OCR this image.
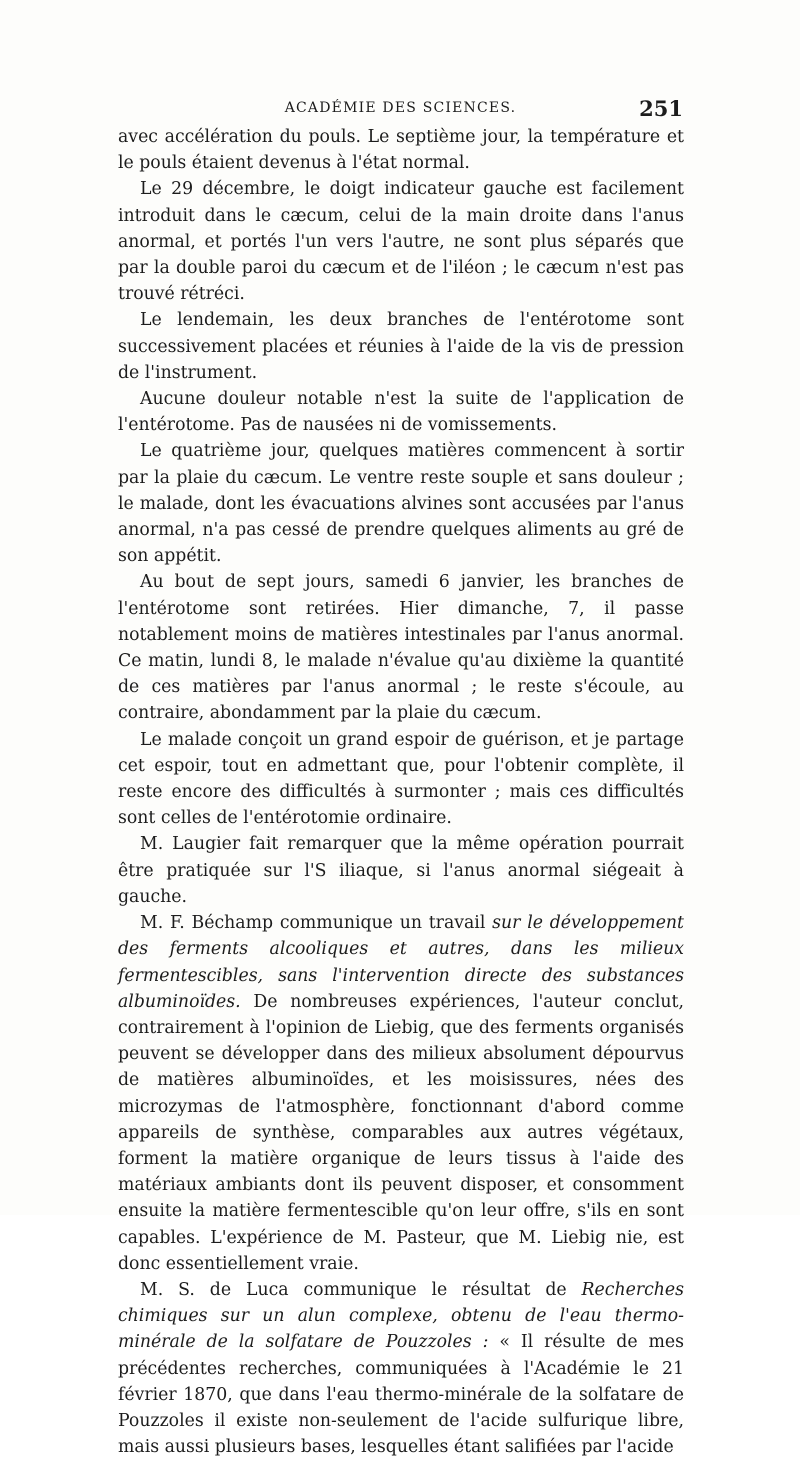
ACADÉMIE DES SCIENCES.	251

avec accélération du pouls. Le septième jour, la température et le pouls étaient devenus à l'état normal.

Le 29 décembre, le doigt indicateur gauche est facilement introduit dans le cæcum, celui de la main droite dans l'anus anormal, et portés l'un vers l'autre, ne sont plus séparés que par la double paroi du cæcum et de l'iléon ; le cæcum n'est pas trouvé rétréci.

Le lendemain, les deux branches de l'entérotome sont successivement placées et réunies à l'aide de la vis de pression de l'instrument.

Aucune douleur notable n'est la suite de l'application de l'entérotome. Pas de nausées ni de vomissements.

Le quatrième jour, quelques matières commencent à sortir par la plaie du cæcum. Le ventre reste souple et sans douleur ; le malade, dont les évacuations alvines sont accusées par l'anus anormal, n'a pas cessé de prendre quelques aliments au gré de son appétit.

Au bout de sept jours, samedi 6 janvier, les branches de l'entérotome sont retirées. Hier dimanche, 7, il passe notablement moins de matières intestinales par l'anus anormal. Ce matin, lundi 8, le malade n'évalue qu'au dixième la quantité de ces matières par l'anus anormal ; le reste s'écoule, au contraire, abondamment par la plaie du cæcum.

Le malade conçoit un grand espoir de guérison, et je partage cet espoir, tout en admettant que, pour l'obtenir complète, il reste encore des difficultés à surmonter ; mais ces difficultés sont celles de l'entérotomie ordinaire.

M. Laugier fait remarquer que la même opération pourrait être pratiquée sur l'S iliaque, si l'anus anormal siégeait à gauche.

M. F. Béchamp communique un travail sur le développement des ferments alcooliques et autres, dans les milieux fermentescibles, sans l'intervention directe des substances albuminoïdes. De nombreuses expériences, l'auteur conclut, contrairement à l'opinion de Liebig, que des ferments organisés peuvent se développer dans des milieux absolument dépourvus de matières albuminoïdes, et les moisissures, nées des microzymas de l'atmosphère, fonctionnant d'abord comme appareils de synthèse, comparables aux autres végétaux, forment la matière organique de leurs tissus à l'aide des matériaux ambiants dont ils peuvent disposer, et consomment ensuite la matière fermentescible qu'on leur offre, s'ils en sont capables. L'expérience de M. Pasteur, que M. Liebig nie, est donc essentiellement vraie.

M. S. de Luca communique le résultat de Recherches chimiques sur un alun complexe, obtenu de l'eau thermo-minérale de la solfatare de Pouzzoles : « Il résulte de mes précédentes recherches, communiquées à l'Académie le 21 février 1870, que dans l'eau thermo-minérale de la solfatare de Pouzzoles il existe non-seulement de l'acide sulfurique libre, mais aussi plusieurs bases, lesquelles étant salifiées par l'acide
